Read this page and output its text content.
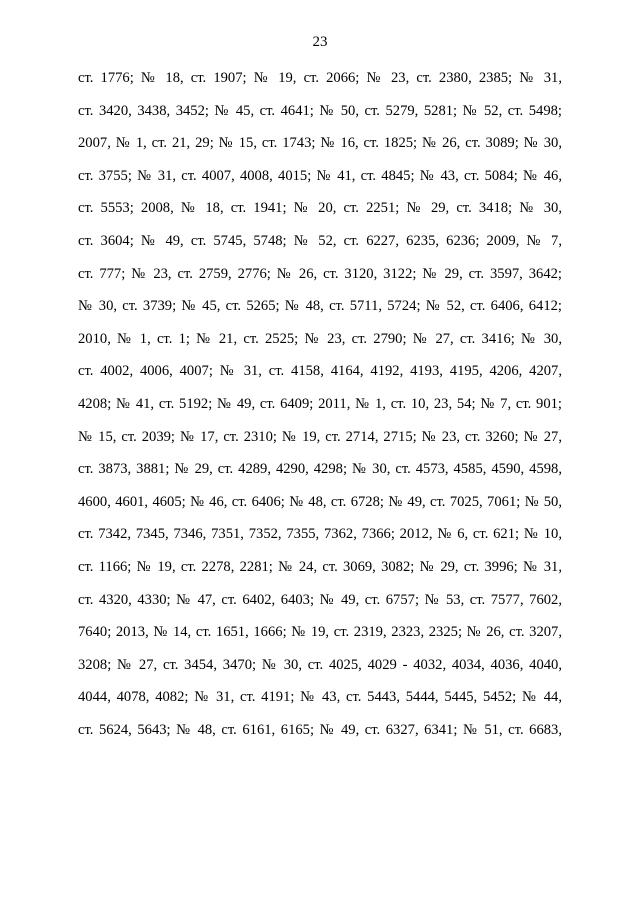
23
ст. 1776; № 18, ст. 1907; № 19, ст. 2066; № 23, ст. 2380, 2385; № 31,
ст. 3420, 3438, 3452; № 45, ст. 4641; № 50, ст. 5279, 5281; № 52, ст. 5498;
2007, № 1, ст. 21, 29; № 15, ст. 1743; № 16, ст. 1825; № 26, ст. 3089; № 30,
ст. 3755; № 31, ст. 4007, 4008, 4015; № 41, ст. 4845; № 43, ст. 5084; № 46,
ст. 5553; 2008, № 18, ст. 1941; № 20, ст. 2251; № 29, ст. 3418; № 30,
ст. 3604; № 49, ст. 5745, 5748; № 52, ст. 6227, 6235, 6236; 2009, № 7,
ст. 777; № 23, ст. 2759, 2776; № 26, ст. 3120, 3122; № 29, ст. 3597, 3642;
№ 30, ст. 3739; № 45, ст. 5265; № 48, ст. 5711, 5724; № 52, ст. 6406, 6412;
2010, № 1, ст. 1; № 21, ст. 2525; № 23, ст. 2790; № 27, ст. 3416; № 30,
ст. 4002, 4006, 4007; № 31, ст. 4158, 4164, 4192, 4193, 4195, 4206, 4207,
4208; № 41, ст. 5192; № 49, ст. 6409; 2011, № 1, ст. 10, 23, 54; № 7, ст. 901;
№ 15, ст. 2039; № 17, ст. 2310; № 19, ст. 2714, 2715; № 23, ст. 3260; № 27,
ст. 3873, 3881; № 29, ст. 4289, 4290, 4298; № 30, ст. 4573, 4585, 4590, 4598,
4600, 4601, 4605; № 46, ст. 6406; № 48, ст. 6728; № 49, ст. 7025, 7061; № 50,
ст. 7342, 7345, 7346, 7351, 7352, 7355, 7362, 7366; 2012, № 6, ст. 621; № 10,
ст. 1166; № 19, ст. 2278, 2281; № 24, ст. 3069, 3082; № 29, ст. 3996; № 31,
ст. 4320, 4330; № 47, ст. 6402, 6403; № 49, ст. 6757; № 53, ст. 7577, 7602,
7640; 2013, № 14, ст. 1651, 1666; № 19, ст. 2319, 2323, 2325; № 26, ст. 3207,
3208; № 27, ст. 3454, 3470; № 30, ст. 4025, 4029 - 4032, 4034, 4036, 4040,
4044, 4078, 4082; № 31, ст. 4191; № 43, ст. 5443, 5444, 5445, 5452; № 44,
ст. 5624, 5643; № 48, ст. 6161, 6165; № 49, ст. 6327, 6341; № 51, ст. 6683,
